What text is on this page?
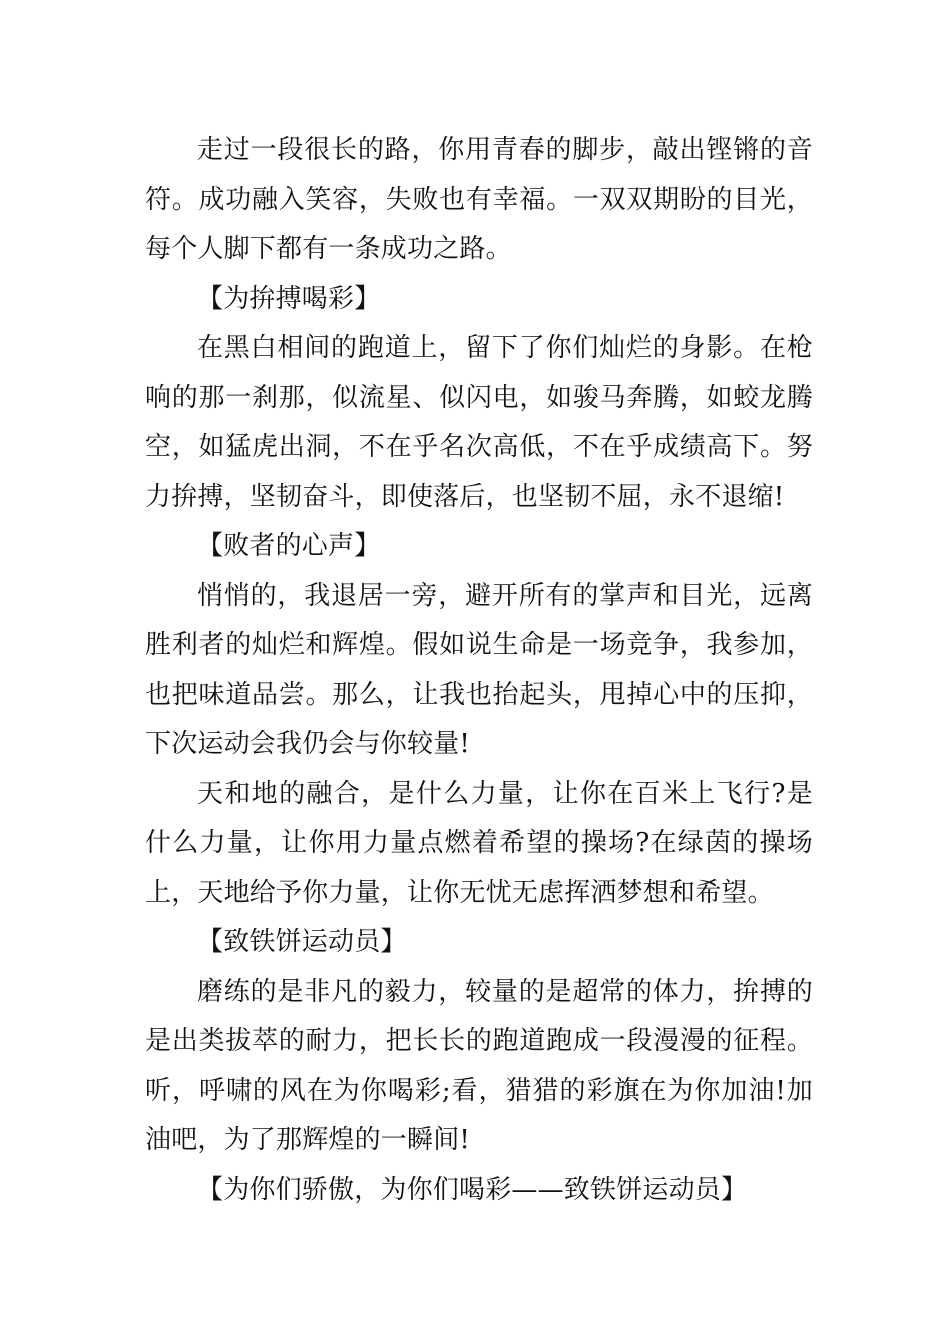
走过一段很长的路，你用青春的脚步，敲出铿锵的音符。成功融入笑容，失败也有幸福。一双双期盼的目光，每个人脚下都有一条成功之路。

【为拚搏喝彩】

在黑白相间的跑道上，留下了你们灿烂的身影。在枪响的那一刹那，似流星、似闪电，如骏马奔腾，如蛟龙腾空，如猛虎出洞，不在乎名次高低，不在乎成绩高下。努力拚搏，坚韧奋斗，即使落后，也坚韧不屈，永不退缩!

【败者的心声】

悄悄的，我退居一旁，避开所有的掌声和目光，远离胜利者的灿烂和辉煌。假如说生命是一场竞争，我参加，也把味道品尝。那么，让我也抬起头，甩掉心中的压抑，下次运动会我仍会与你较量!

天和地的融合，是什么力量，让你在百米上飞行?是什么力量，让你用力量点燃着希望的操场?在绿茵的操场上，天地给予你力量，让你无忧无虑挥洒梦想和希望。

【致铁饼运动员】

磨练的是非凡的毅力，较量的是超常的体力，拚搏的是出类拔萃的耐力，把长长的跑道跑成一段漫漫的征程。听，呼啸的风在为你喝彩;看，猎猎的彩旗在为你加油!加油吧，为了那辉煌的一瞬间!

【为你们骄傲，为你们喝彩——致铁饼运动员】
